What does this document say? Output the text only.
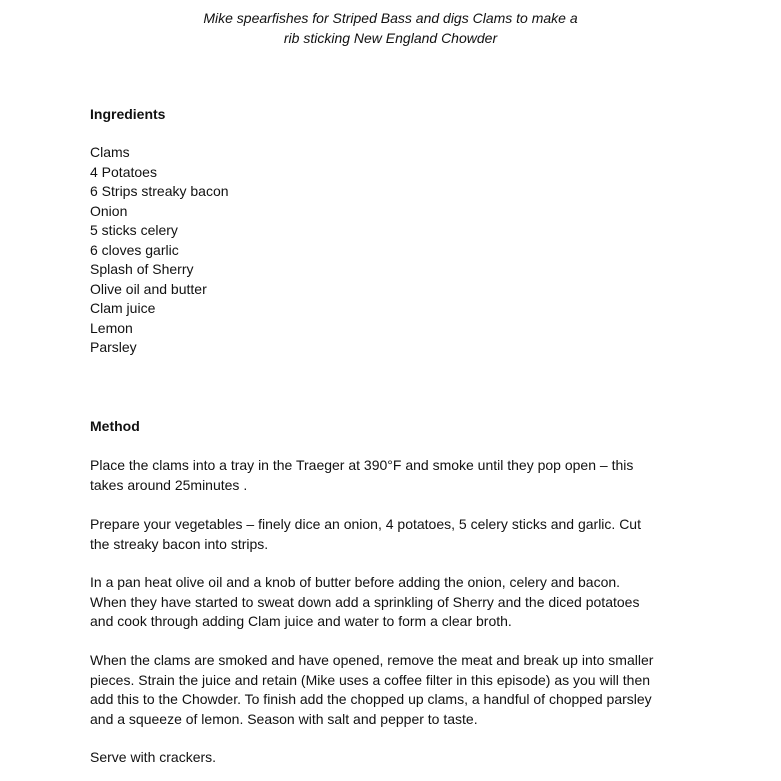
Mike spearfishes for Striped Bass and digs Clams to make a
rib sticking New England Chowder
Ingredients
Clams
4 Potatoes
6 Strips streaky bacon
Onion
5 sticks celery
6 cloves garlic
Splash of Sherry
Olive oil and butter
Clam juice
Lemon
Parsley
Method
Place the clams into a tray in the Traeger at 390°F and smoke until they pop open – this
takes around 25minutes .
Prepare your vegetables – finely dice an onion, 4 potatoes, 5 celery sticks and garlic. Cut
the streaky bacon into strips.
In a pan heat olive oil and a knob of butter before adding the onion, celery and bacon.
When they have started to sweat down add a sprinkling of Sherry and the diced potatoes
and cook through adding Clam juice and water to form a clear broth.
When the clams are smoked and have opened, remove the meat and break up into smaller
pieces. Strain the juice and retain (Mike uses a coffee filter in this episode) as you will then
add this to the Chowder. To finish add the chopped up clams, a handful of chopped parsley
and a squeeze of lemon. Season with salt and pepper to taste.
Serve with crackers.
